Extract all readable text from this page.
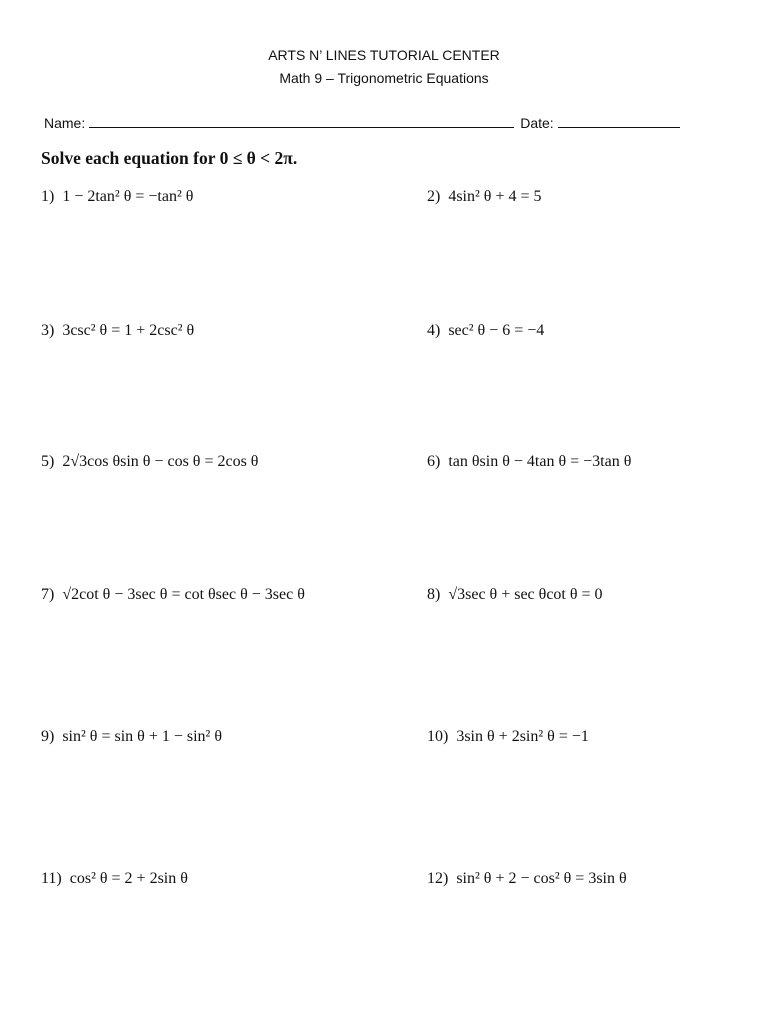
ARTS N’ LINES TUTORIAL CENTER
Math 9 – Trigonometric Equations
Name:	Date:
Solve each equation for 0 ≤ θ < 2π.
1) 1 − 2tan² θ = −tan² θ	2) 4sin² θ + 4 = 5
3) 3csc² θ = 1 + 2csc² θ	4) sec² θ − 6 = −4
5) 2√3cos θsin θ − cos θ = 2cos θ	6) tan θsin θ − 4tan θ = −3tan θ
7) √2cot θ − 3sec θ = cot θsec θ − 3sec θ	8) √3sec θ + sec θcot θ = 0
9) sin² θ = sin θ + 1 − sin² θ	10) 3sin θ + 2sin² θ = −1
11) cos² θ = 2 + 2sin θ	12) sin² θ + 2 − cos² θ = 3sin θ
